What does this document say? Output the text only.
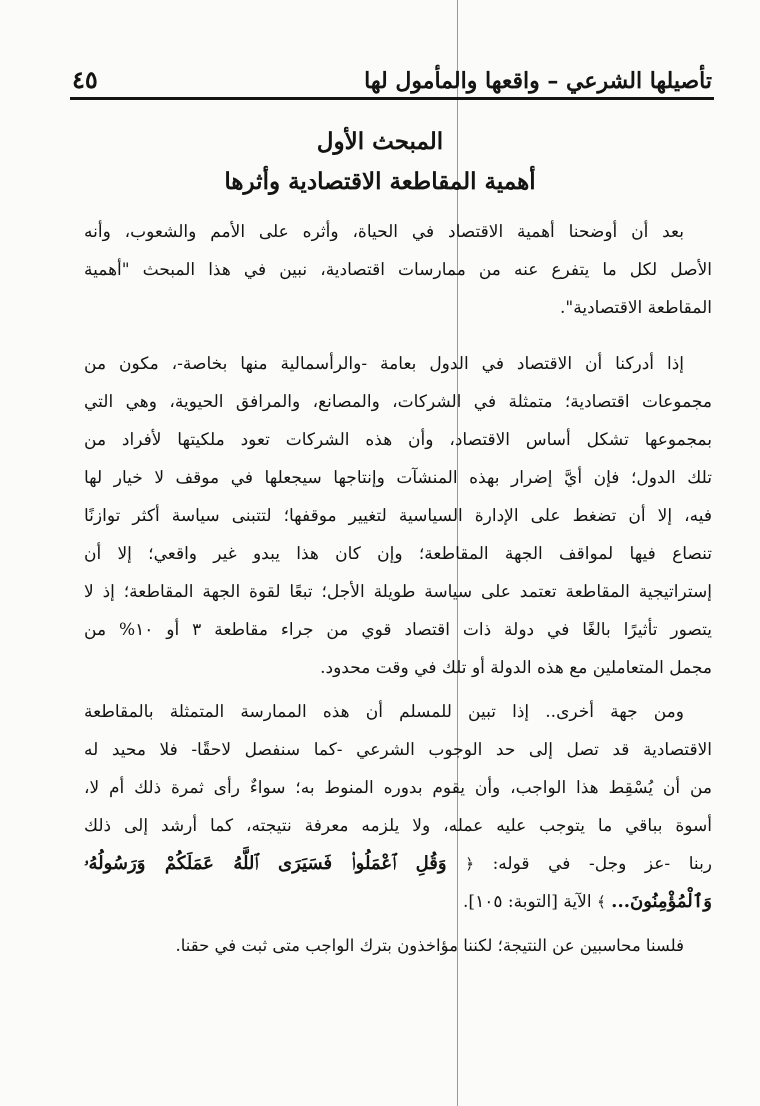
تأصيلها الشرعي – واقعها والمأمول لها
٤٥
المبحث الأول
أهمية المقاطعة الاقتصادية وأثرها
بعد أن أوضحنا أهمية الاقتصاد في الحياة، وأثره على الأمم والشعوب، وأنه
الأصل لكل ما يتفرع عنه من ممارسات اقتصادية، نبين في هذا المبحث "أهمية
المقاطعة الاقتصادية".
إذا أدركنا أن الاقتصاد في الدول بعامة -والرأسمالية منها بخاصة-، مكون من
مجموعات اقتصادية؛ متمثلة في الشركات، والمصانع، والمرافق الحيوية، وهي التي
بمجموعها تشكل أساس الاقتصاد، وأن هذه الشركات تعود ملكيتها لأفراد من
تلك الدول؛ فإن أيَّ إضرار بهذه المنشآت وإنتاجها سيجعلها في موقف لا خيار لها
فيه، إلا أن تضغط على الإدارة السياسية لتغيير موقفها؛ لتتبنى سياسة أكثر توازنًا
تنصاع فيها لمواقف الجهة المقاطعة؛ وإن كان هذا يبدو غير واقعي؛ إلا أن
إستراتيجية المقاطعة تعتمد على سياسة طويلة الأجل؛ تبعًا لقوة الجهة المقاطعة؛ إذ لا
يتصور تأثيرًا بالغًا في دولة ذات اقتصاد قوي من جراء مقاطعة ٣ أو ١٠% من
مجمل المتعاملين مع هذه الدولة أو تلك في وقت محدود.
ومن جهة أخرى.. إذا تبين للمسلم أن هذه الممارسة المتمثلة بالمقاطعة
الاقتصادية قد تصل إلى حد الوجوب الشرعي -كما سنفصل لاحقًا- فلا محيد له
من أن يُسْقِط هذا الواجب، وأن يقوم بدوره المنوط به؛ سواءٌ رأى ثمرة ذلك أم لا،
أسوة بباقي ما يتوجب عليه عمله، ولا يلزمه معرفة نتيجته، كما أرشد إلى ذلك
ربنا -عز وجل- في قوله: ﴿ وَقُلِ ٱعْمَلُوا۟ فَسَيَرَى ٱللَّهُ عَمَلَكُمْ وَرَسُولُهُۥ
وَٱلْمُؤْمِنُونَ... ﴾ الآية [التوبة: ١٠٥].
فلسنا محاسبين عن النتيجة؛ لكننا مؤاخذون بترك الواجب متى ثبت في حقنا.
